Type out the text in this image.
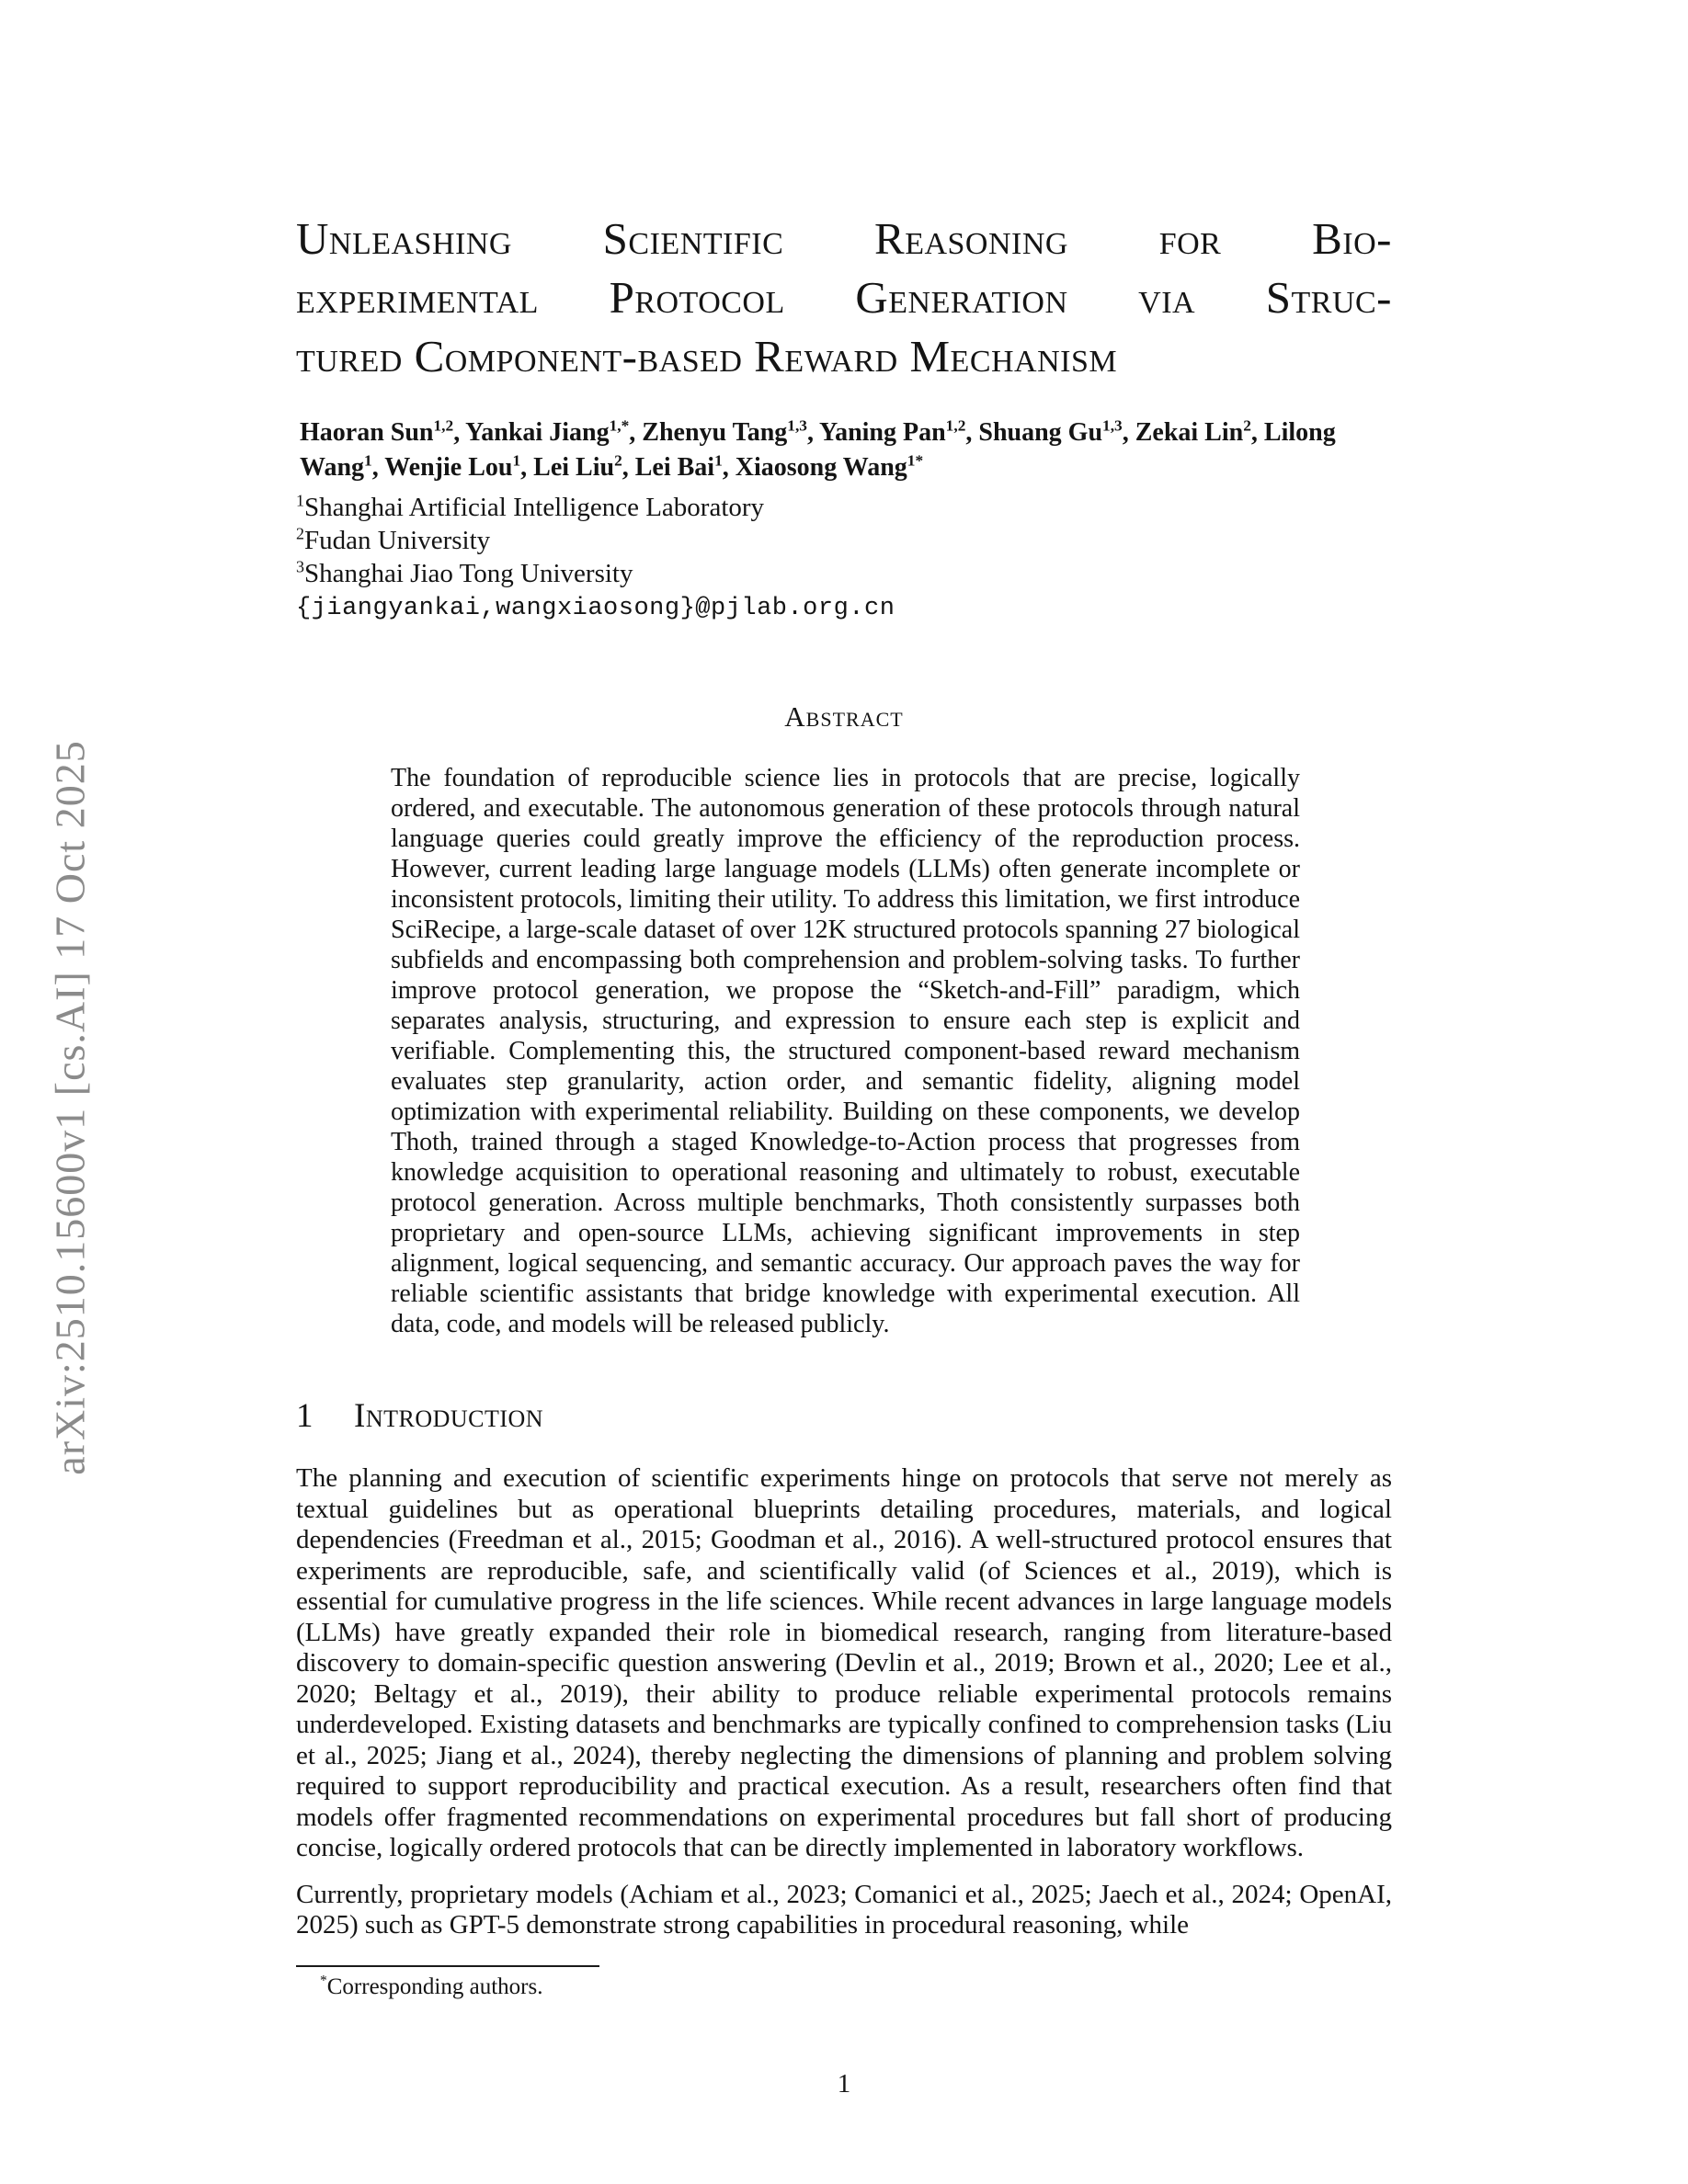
arXiv:2510.15600v1 [cs.AI] 17 Oct 2025
Unleashing Scientific Reasoning for Bio-
experimental Protocol Generation via Struc-
tured Component-based Reward Mechanism
Haoran Sun$^{1,2}$, Yankai Jiang$^{1,*}$, Zhenyu Tang$^{1,3}$, Yaning Pan$^{1,2}$, Shuang Gu$^{1,3}$, Zekai Lin$^2$, Lilong Wang$^1$, Wenjie Lou$^1$, Lei Liu$^2$, Lei Bai$^1$, Xiaosong Wang$^{1*}$
$^1$Shanghai Artificial Intelligence Laboratory
$^2$Fudan University
$^3$Shanghai Jiao Tong University
{jiangyankai,wangxiaosong}@pjlab.org.cn
Abstract
The foundation of reproducible science lies in protocols that are precise, logically ordered, and executable. The autonomous generation of these protocols through natural language queries could greatly improve the efficiency of the reproduction process. However, current leading large language models (LLMs) often generate incomplete or inconsistent protocols, limiting their utility. To address this limitation, we first introduce SciRecipe, a large-scale dataset of over 12K structured protocols spanning 27 biological subfields and encompassing both comprehension and problem-solving tasks. To further improve protocol generation, we propose the “Sketch-and-Fill” paradigm, which separates analysis, structuring, and expression to ensure each step is explicit and verifiable. Complementing this, the structured component-based reward mechanism evaluates step granularity, action order, and semantic fidelity, aligning model optimization with experimental reliability. Building on these components, we develop Thoth, trained through a staged Knowledge-to-Action process that progresses from knowledge acquisition to operational reasoning and ultimately to robust, executable protocol generation. Across multiple benchmarks, Thoth consistently surpasses both proprietary and open-source LLMs, achieving significant improvements in step alignment, logical sequencing, and semantic accuracy. Our approach paves the way for reliable scientific assistants that bridge knowledge with experimental execution. All data, code, and models will be released publicly.
1 Introduction
The planning and execution of scientific experiments hinge on protocols that serve not merely as textual guidelines but as operational blueprints detailing procedures, materials, and logical dependencies (Freedman et al., 2015; Goodman et al., 2016). A well-structured protocol ensures that experiments are reproducible, safe, and scientifically valid (of Sciences et al., 2019), which is essential for cumulative progress in the life sciences. While recent advances in large language models (LLMs) have greatly expanded their role in biomedical research, ranging from literature-based discovery to domain-specific question answering (Devlin et al., 2019; Brown et al., 2020; Lee et al., 2020; Beltagy et al., 2019), their ability to produce reliable experimental protocols remains underdeveloped. Existing datasets and benchmarks are typically confined to comprehension tasks (Liu et al., 2025; Jiang et al., 2024), thereby neglecting the dimensions of planning and problem solving required to support reproducibility and practical execution. As a result, researchers often find that models offer fragmented recommendations on experimental procedures but fall short of producing concise, logically ordered protocols that can be directly implemented in laboratory workflows.
Currently, proprietary models (Achiam et al., 2023; Comanici et al., 2025; Jaech et al., 2024; OpenAI, 2025) such as GPT-5 demonstrate strong capabilities in procedural reasoning, while
*Corresponding authors.
1
